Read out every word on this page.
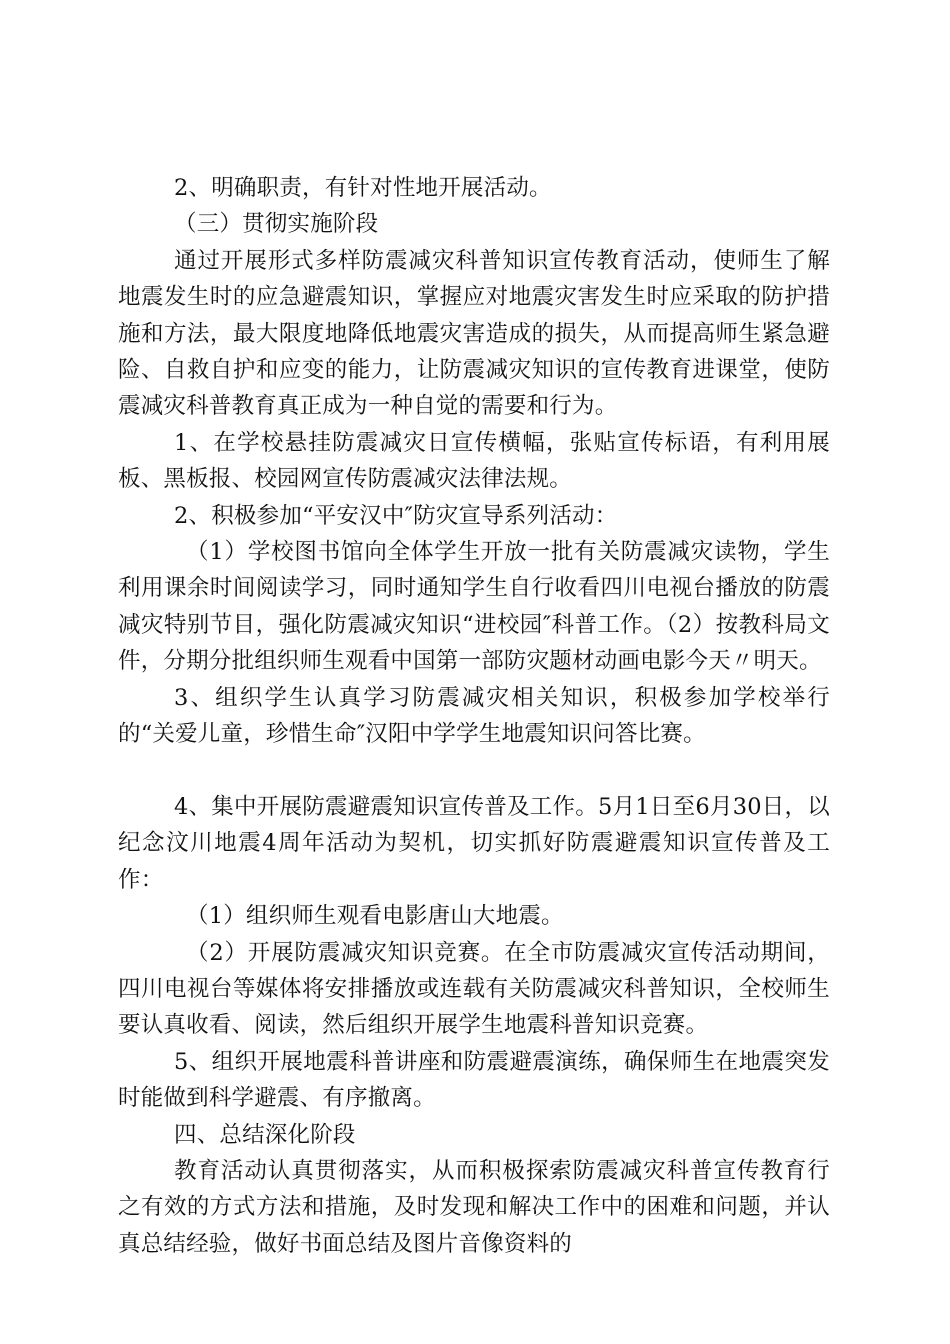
2、明确职责，有针对性地开展活动。

（三）贯彻实施阶段

通过开展形式多样防震减灾科普知识宣传教育活动，使师生了解地震发生时的应急避震知识，掌握应对地震灾害发生时应采取的防护措施和方法，最大限度地降低地震灾害造成的损失，从而提高师生紧急避险、自救自护和应变的能力，让防震减灾知识的宣传教育进课堂，使防震减灾科普教育真正成为一种自觉的需要和行为。

1、在学校悬挂防震减灾日宣传横幅，张贴宣传标语，有利用展板、黑板报、校园网宣传防震减灾法律法规。

2、积极参加“平安汉中″防灾宣导系列活动：

（1）学校图书馆向全体学生开放一批有关防震减灾读物，学生利用课余时间阅读学习，同时通知学生自行收看四川电视台播放的防震减灾特别节目，强化防震减灾知识“进校园″科普工作。（2）按教科局文件，分期分批组织师生观看中国第一部防灾题材动画电影今天〃明天。

3、组织学生认真学习防震减灾相关知识，积极参加学校举行的“关爱儿童，珍惜生命″汉阳中学学生地震知识问答比赛。

4、集中开展防震避震知识宣传普及工作。5月1日至6月30日，以纪念汶川地震4周年活动为契机，切实抓好防震避震知识宣传普及工作：

（1）组织师生观看电影唐山大地震。

（2）开展防震减灾知识竞赛。在全市防震减灾宣传活动期间，四川电视台等媒体将安排播放或连载有关防震减灾科普知识，全校师生要认真收看、阅读，然后组织开展学生地震科普知识竞赛。

5、组织开展地震科普讲座和防震避震演练，确保师生在地震突发时能做到科学避震、有序撤离。

四、总结深化阶段

教育活动认真贯彻落实，从而积极探索防震减灾科普宣传教育行之有效的方式方法和措施，及时发现和解决工作中的困难和问题，并认真总结经验，做好书面总结及图片音像资料的
